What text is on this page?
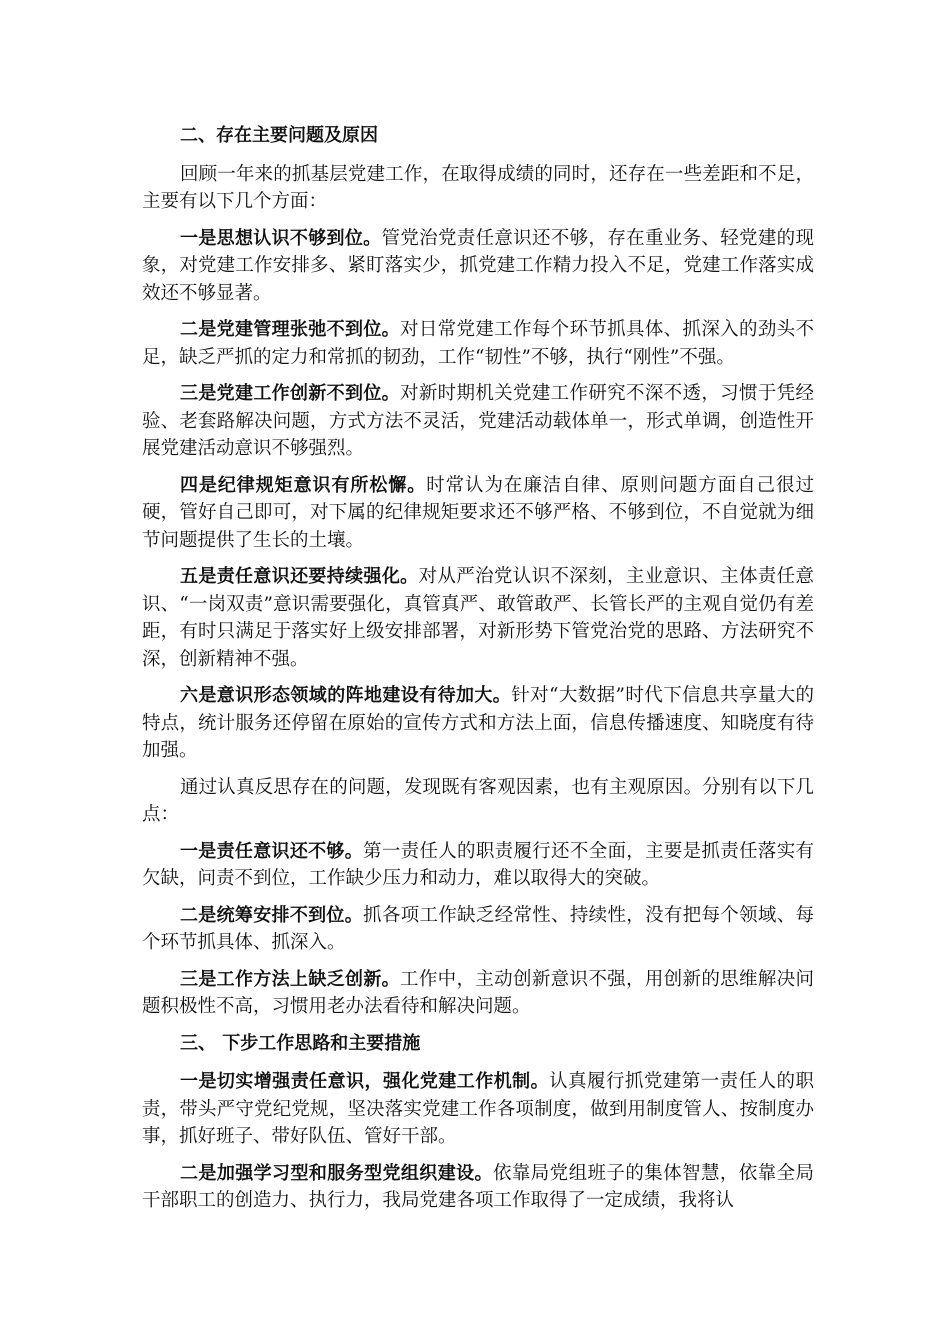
二、存在主要问题及原因

回顾一年来的抓基层党建工作，在取得成绩的同时，还存在一些差距和不足，主要有以下几个方面：

一是思想认识不够到位。管党治党责任意识还不够，存在重业务、轻党建的现象，对党建工作安排多、紧盯落实少，抓党建工作精力投入不足，党建工作落实成效还不够显著。

二是党建管理张弛不到位。对日常党建工作每个环节抓具体、抓深入的劲头不足，缺乏严抓的定力和常抓的韧劲，工作“韧性”不够，执行“刚性”不强。

三是党建工作创新不到位。对新时期机关党建工作研究不深不透，习惯于凭经验、老套路解决问题，方式方法不灵活，党建活动载体单一，形式单调，创造性开展党建活动意识不够强烈。

四是纪律规矩意识有所松懈。时常认为在廉洁自律、原则问题方面自己很过硬，管好自己即可，对下属的纪律规矩要求还不够严格、不够到位，不自觉就为细节问题提供了生长的土壤。

五是责任意识还要持续强化。对从严治党认识不深刻，主业意识、主体责任意识、“一岗双责”意识需要强化，真管真严、敢管敢严、长管长严的主观自觉仍有差距，有时只满足于落实好上级安排部署，对新形势下管党治党的思路、方法研究不深，创新精神不强。

六是意识形态领域的阵地建设有待加大。针对“大数据”时代下信息共享量大的特点，统计服务还停留在原始的宣传方式和方法上面，信息传播速度、知晓度有待加强。

通过认真反思存在的问题，发现既有客观因素，也有主观原因。分别有以下几点：

一是责任意识还不够。第一责任人的职责履行还不全面，主要是抓责任落实有欠缺，问责不到位，工作缺少压力和动力，难以取得大的突破。

二是统筹安排不到位。抓各项工作缺乏经常性、持续性，没有把每个领域、每个环节抓具体、抓深入。

三是工作方法上缺乏创新。工作中，主动创新意识不强，用创新的思维解决问题积极性不高，习惯用老办法看待和解决问题。

三、 下步工作思路和主要措施

一是切实增强责任意识，强化党建工作机制。认真履行抓党建第一责任人的职责，带头严守党纪党规，坚决落实党建工作各项制度，做到用制度管人、按制度办事，抓好班子、带好队伍、管好干部。

二是加强学习型和服务型党组织建设。依靠局党组班子的集体智慧，依靠全局干部职工的创造力、执行力，我局党建各项工作取得了一定成绩，我将认
